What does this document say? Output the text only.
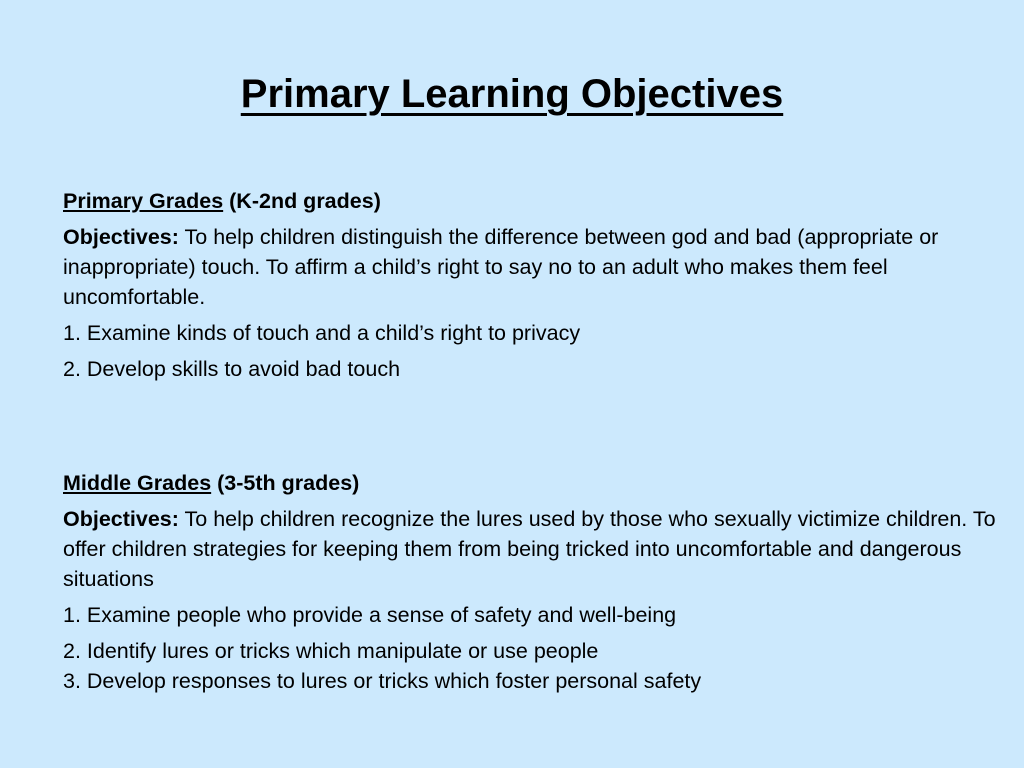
Primary Learning Objectives

Primary Grades (K-2nd grades)

Objectives: To help children distinguish the difference between god and bad (appropriate or inappropriate) touch. To affirm a child’s right to say no to an adult who makes them feel uncomfortable.

1. Examine kinds of touch and a child’s right to privacy

2. Develop skills to avoid bad touch

Middle Grades (3-5th grades)

Objectives: To help children recognize the lures used by those who sexually victimize children. To offer children strategies for keeping them from being tricked into uncomfortable and dangerous situations

1. Examine people who provide a sense of safety and well-being

2. Identify lures or tricks which manipulate or use people

3. Develop responses to lures or tricks which foster personal safety
